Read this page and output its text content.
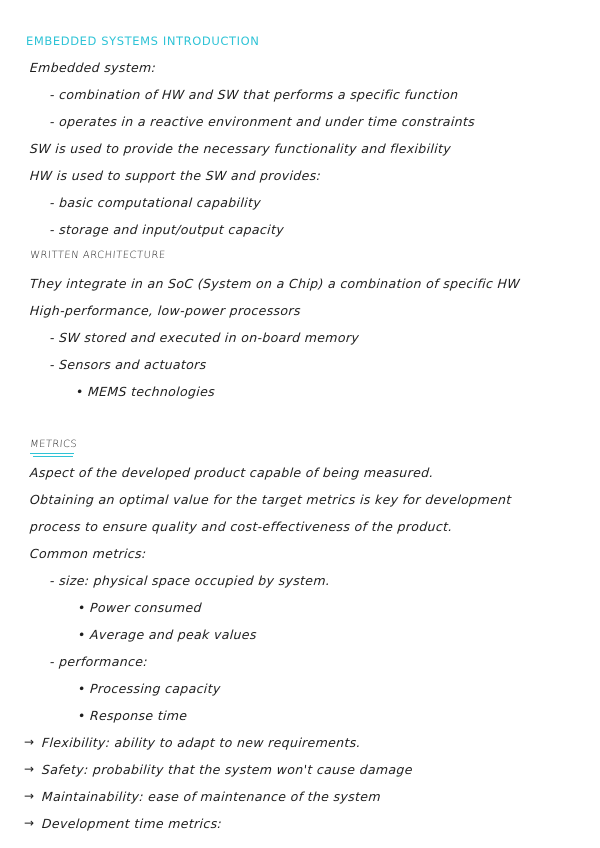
EMBEDDED SYSTEMS INTRODUCTION
Embedded system:
- combination of HW and SW that performs a specific function
- operates in a reactive environment and under time constraints
SW is used to provide the necessary functionality and flexibility
HW is used to support the SW and provides:
- basic computational capability
- storage and input/output capacity
WRITTEN ARCHITECTURE
They integrate in an SoC (System on a Chip) a combination of specific HW
High-performance, low-power processors
- SW stored and executed in on-board memory
- Sensors and actuators
• MEMS technologies
METRICS
Aspect of the developed product capable of being measured.
Obtaining an optimal value for the target metrics is key for development
process to ensure quality and cost-effectiveness of the product.
Common metrics:
- size: physical space occupied by system.
• Power consumed
• Average and peak values
- performance:
• Processing capacity
• Response time
→ Flexibility: ability to adapt to new requirements.
→ Safety: probability that the system won't cause damage
→ Maintainability: ease of maintenance of the system
→ Development time metrics:
